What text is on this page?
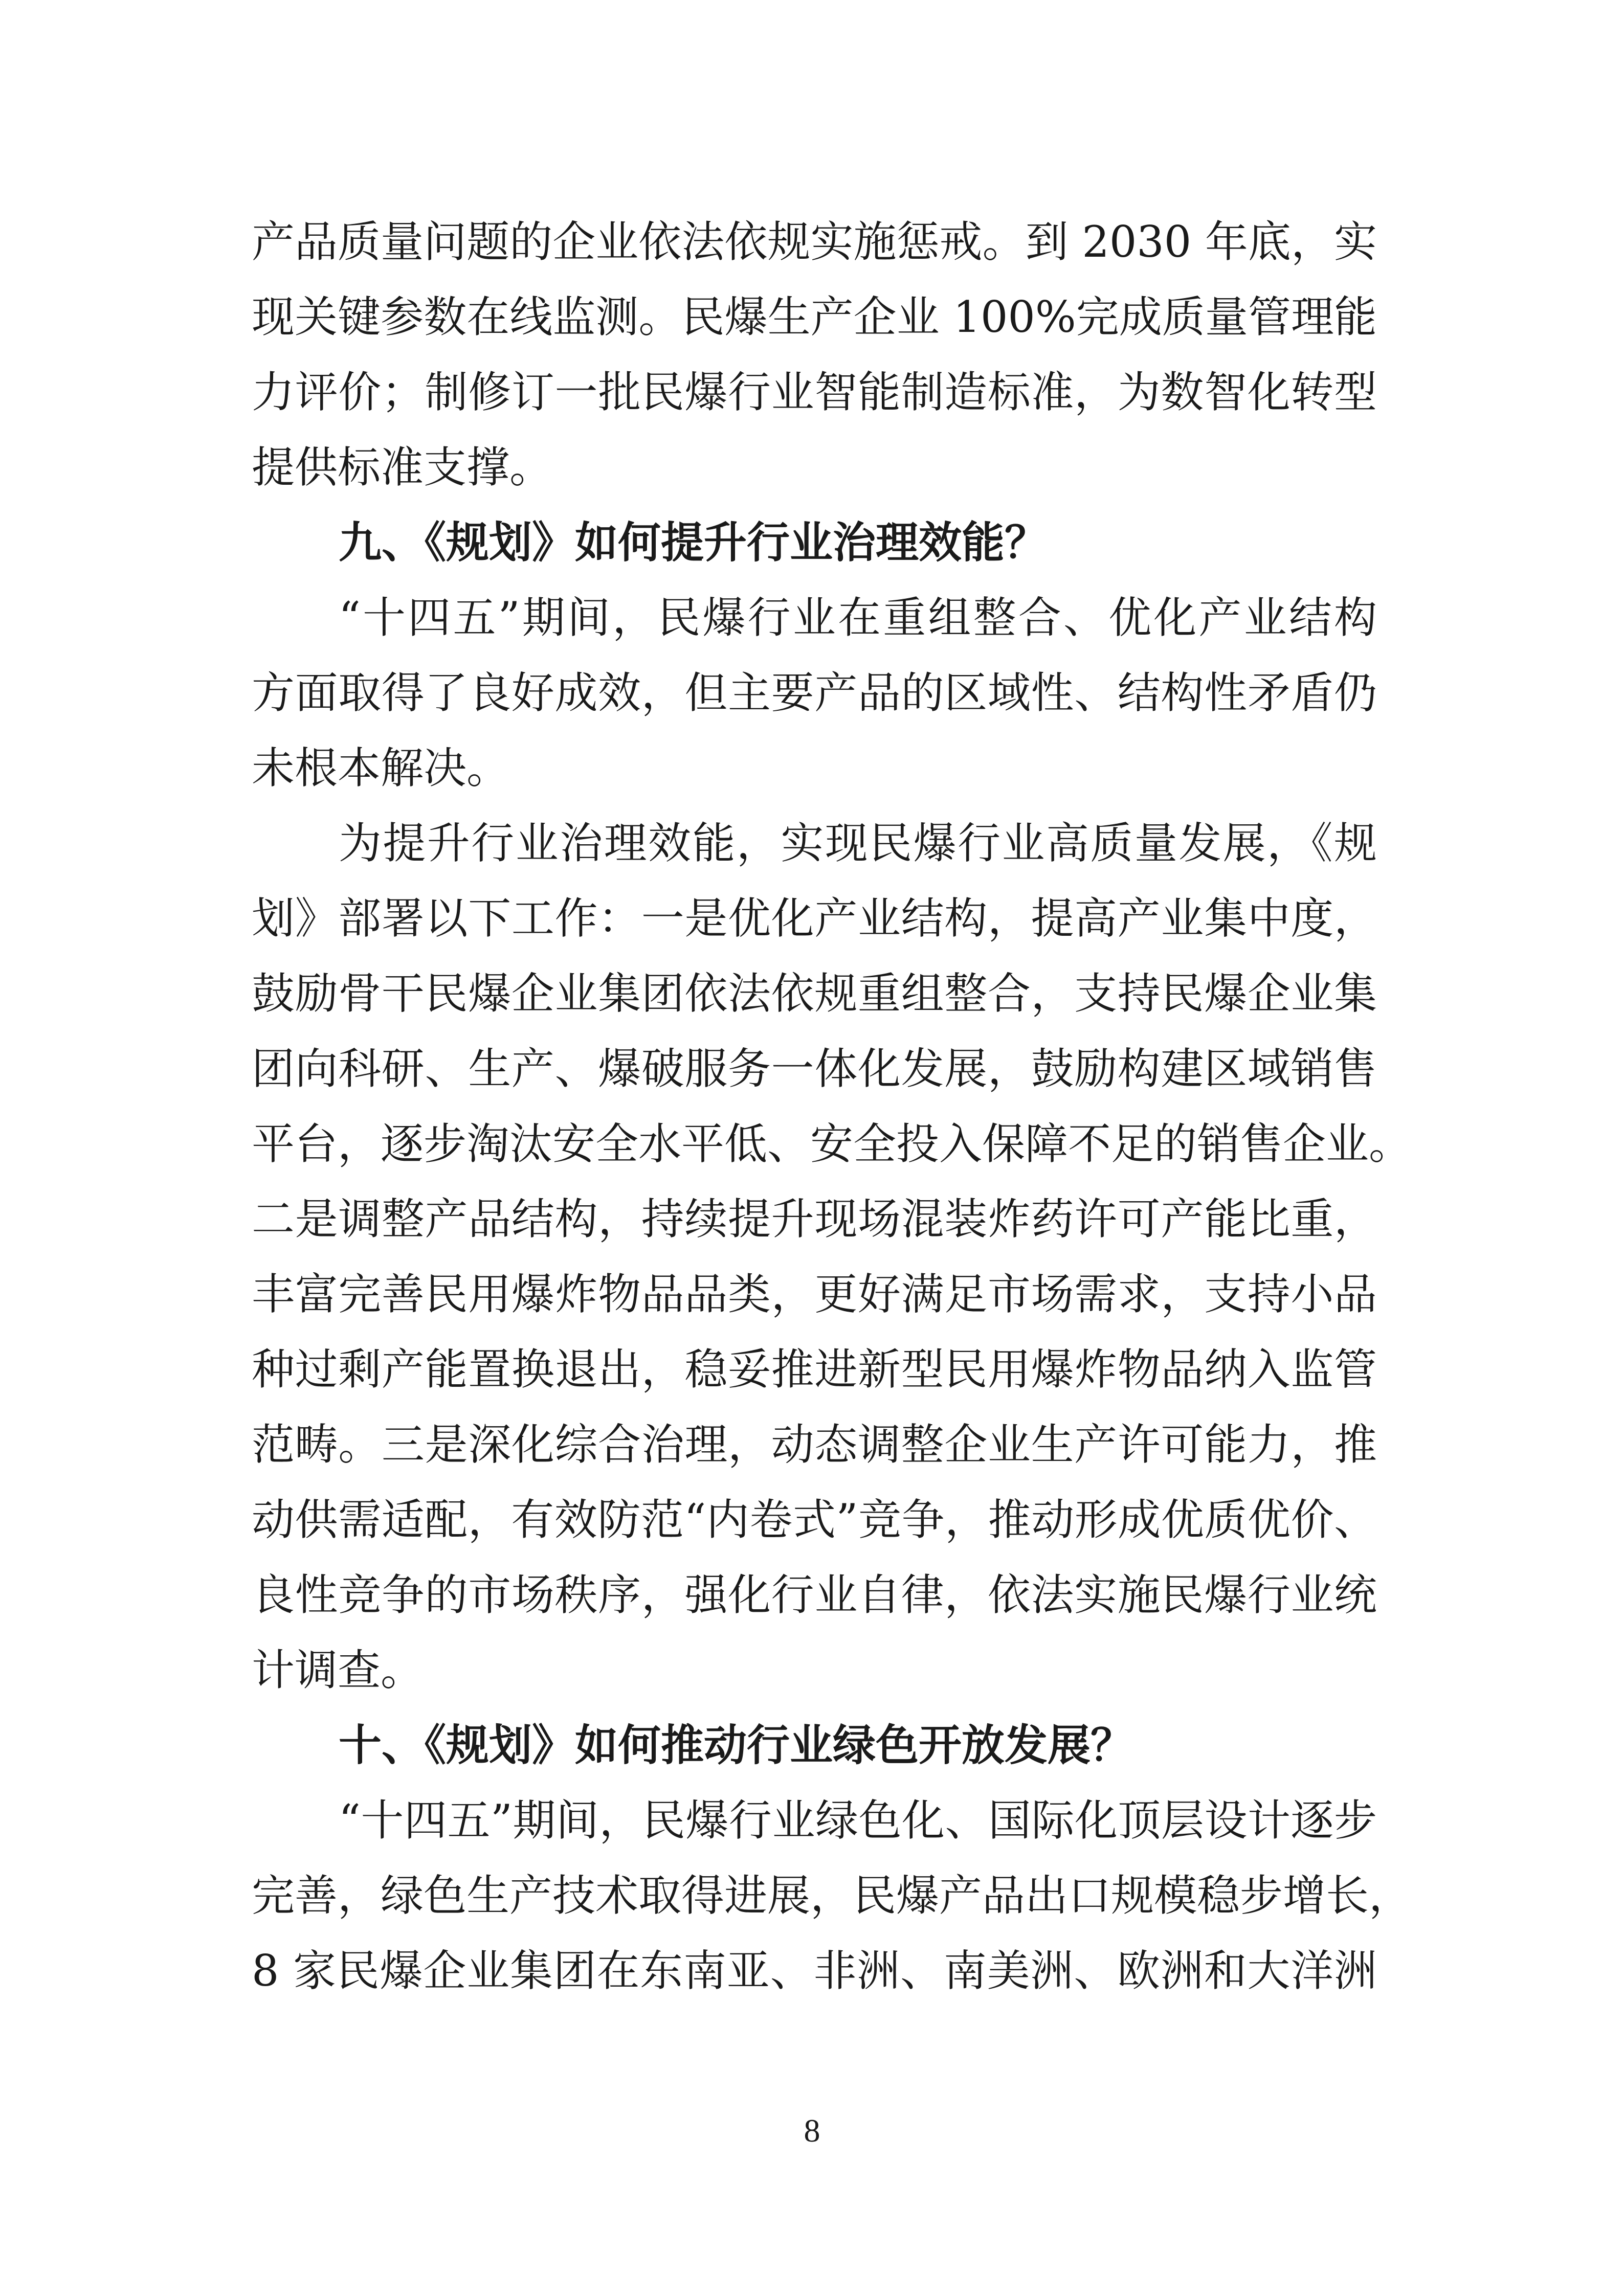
产品质量问题的企业依法依规实施惩戒。到 2030 年底，实
现关键参数在线监测。民爆生产企业 100%完成质量管理能
力评价；制修订一批民爆行业智能制造标准，为数智化转型
提供标准支撑。
九、《规划》如何提升行业治理效能？
“十四五”期间，民爆行业在重组整合、优化产业结构
方面取得了良好成效，但主要产品的区域性、结构性矛盾仍
未根本解决。
为提升行业治理效能，实现民爆行业高质量发展，《规
划》部署以下工作：一是优化产业结构，提高产业集中度，
鼓励骨干民爆企业集团依法依规重组整合，支持民爆企业集
团向科研、生产、爆破服务一体化发展，鼓励构建区域销售
平台，逐步淘汰安全水平低、安全投入保障不足的销售企业。
二是调整产品结构，持续提升现场混装炸药许可产能比重，
丰富完善民用爆炸物品品类，更好满足市场需求，支持小品
种过剩产能置换退出，稳妥推进新型民用爆炸物品纳入监管
范畴。三是深化综合治理，动态调整企业生产许可能力，推
动供需适配，有效防范“内卷式”竞争，推动形成优质优价、
良性竞争的市场秩序，强化行业自律，依法实施民爆行业统
计调查。
十、《规划》如何推动行业绿色开放发展？
“十四五”期间，民爆行业绿色化、国际化顶层设计逐步
完善，绿色生产技术取得进展，民爆产品出口规模稳步增长，
8 家民爆企业集团在东南亚、非洲、南美洲、欧洲和大洋洲
8
